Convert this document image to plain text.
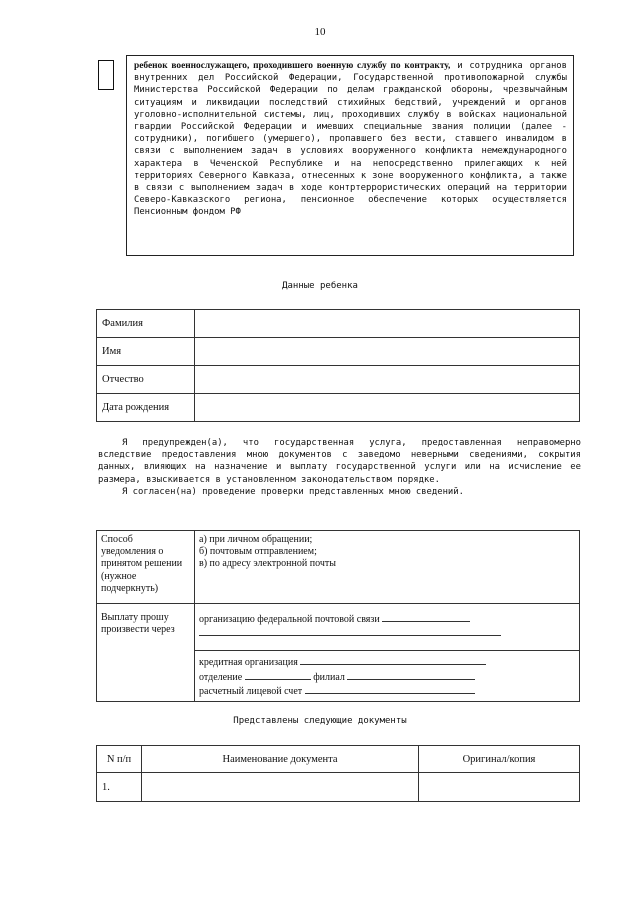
10

ребенок военнослужащего, проходившего военную службу по контракту, и сотрудника органов внутренних дел Российской Федерации, Государственной противопожарной службы Министерства Российской Федерации по делам гражданской обороны, чрезвычайным ситуациям и ликвидации последствий стихийных бедствий, учреждений и органов уголовно-исполнительной системы, лиц, проходивших службу в войсках национальной гвардии Российской Федерации и имевших специальные звания полиции (далее - сотрудники), погибшего (умершего), пропавшего без вести, ставшего инвалидом в связи с выполнением задач в условиях вооруженного конфликта немеждународного характера в Чеченской Республике и на непосредственно прилегающих к ней территориях Северного Кавказа, отнесенных к зоне вооруженного конфликта, а также в связи с выполнением задач в ходе контртеррористических операций на территории Северо-Кавказского региона, пенсионное обеспечение которых осуществляется Пенсионным фондом РФ

Данные ребенка
Фамилия	
Имя	
Отчество	
Дата рождения	

Я предупрежден(а), что государственная услуга, предоставленная неправомерно вследствие предоставления мною документов с заведомо неверными сведениями, сокрытия данных, влияющих на назначение и выплату государственной услуги или на исчисление ее размера, взыскивается в установленном законодательством порядке.

Я согласен(на) проведение проверки представленных мною сведений.

Способ уведомления о принятом решении (нужное подчеркнуть)	а) при личном обращении;
б) почтовым отправлением;
в) по адресу электронной почты

Выплату прошу произвести через	организацию федеральной почтовой связи
кредитная организация
отделение филиал
расчетный лицевой счет
Представлены следующие документы
N п/п	Наименование документа	Оригинал/копия
1.		
